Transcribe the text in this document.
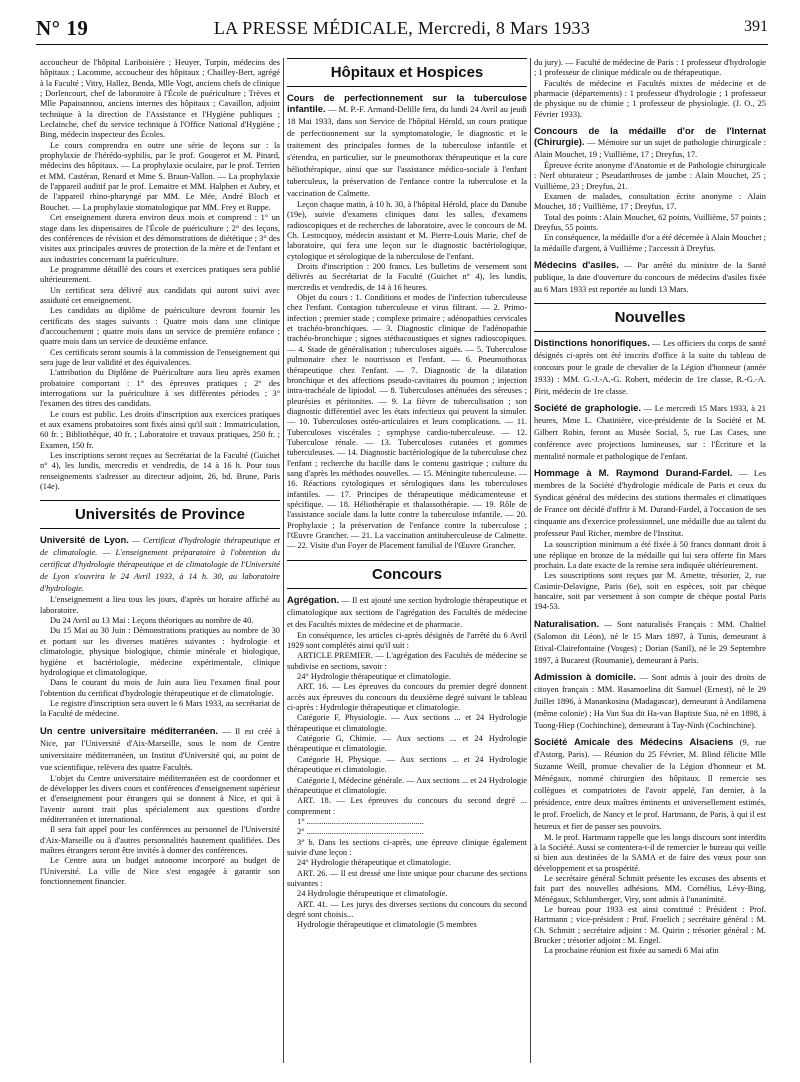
N° 19	LA PRESSE MÉDICALE, Mercredi, 8 Mars 1933	391

accoucheur de l'hôpital Lariboisière ; Heuyer, Turpin, médecins des hôpitaux ; Lacomme, accoucheur des hôpitaux ; Chailley-Bert, agrégé à la Faculté ; Vitry, Hallez, Benda, Mlle Vogt, anciens chefs de clinique ; Dorlencourt, chef de laboratoire à l'École de puériculture ; Trèves et Mlle Papaioannou, anciens internes des hôpitaux ; Cavaillon, adjoint technique à la direction de l'Assistance et l'Hygiène publiques ; Leclainche, chef du service technique à l'Office National d'Hygiène ; Bing, médecin inspecteur des Écoles.

Le cours comprendra en outre une série de leçons sur : la prophylaxie de l'hérédo-syphilis, par le prof. Gougerot et M. Pinard, médecins des hôpitaux. — La prophylaxie oculaire, par le prof. Terrien et MM. Castéran, Renard et Mme S. Braun-Vallon. — La prophylaxie de l'appareil auditif par le prof. Lemaitre et MM. Halphen et Aubry, et de l'appareil rhino-pharyngé par MM. Le Mée, André Bloch et Bouchet. — La prophylaxie stomatologique par MM. Frey et Ruppe.

Cet enseignement durera environ deux mois et comprend : 1° un stage dans les dispensaires de l'École de puériculture ; 2° des leçons, des conférences de révision et des démonstrations de diététique ; 3° des visites aux principales œuvres de protection de la mère et de l'enfant et aux industries concernant la puériculture.

Le programme détaillé des cours et exercices pratiques sera publié ultérieurement.

Un certificat sera délivré aux candidats qui auront suivi avec assiduité cet enseignement.

Les candidats au diplôme de puériculture devront fournir les certificats des stages suivants : Quatre mois dans une clinique d'accouchement ; quatre mois dans un service de première enfance ; quatre mois dans un service de deuxième enfance.

Ces certificats seront soumis à la commission de l'enseignement qui sera juge de leur validité et des équivalences.

L'attribution du Diplôme de Puériculture aura lieu après examen probatoire comportant : 1° des épreuves pratiques ; 2° des interrogations sur la puériculture à ses différentes périodes ; 3° l'examen des titres des candidats.

Le cours est public. Les droits d'inscription aux exercices pratiques et aux examens probatoires sont fixés ainsi qu'il suit : Immatriculation, 60 fr. ; Bibliothèque, 40 fr. ; Laboratoire et travaux pratiques, 250 fr. ; Examen, 150 fr.

Les inscriptions seront reçues au Secrétariat de la Faculté (Guichet n° 4), les lundis, mercredis et vendredis, de 14 à 16 h. Pour tous renseignements s'adresser au directeur adjoint, 26, bd. Brune, Paris (14e).

Universités de Province
Université de Lyon. — Certificat d'hydrologie thérapeutique et de climatologie. — L'enseignement préparatoire à l'obtention du certificat d'hydrologie thérapeutique et de climatologie de l'Université de Lyon s'ouvrira le 24 Avril 1933, à 14 h. 30, au laboratoire d'hydrologie.

L'enseignement a lieu tous les jours, d'après un horaire affiché au laboratoire.

Du 24 Avril au 13 Mai : Leçons théoriques au nombre de 40.

Du 15 Mai au 30 Juin : Démonstrations pratiques au nombre de 30 et portant sur les diverses matières suivantes : hydrologie et climatologie, physique biologique, chimie minérale et biologique, hygiène et bactériologie, médecine expérimentale, clinique hydrologique et climatologique.

Dans le courant du mois de Juin aura lieu l'examen final pour l'obtention du certificat d'hydrologie thérapeutique et de climatologie.

Le registre d'inscription sera ouvert le 6 Mars 1933, au secrétariat de la Faculté de médecine.

Un centre universitaire méditerranéen. — Il est créé à Nice, par l'Université d'Aix-Marseille, sous le nom de Centre universitaire méditerranéen, un Institut d'Université qui, au point de vue scientifique, relèvera des quatre Facultés.

L'objet du Centre universitaire méditerranéen est de coordonner et de développer les divers cours et conférences d'enseignement supérieur et d'enseignement pour étrangers qui se donnent à Nice, et qui à l'avenir auront trait plus spécialement aux questions d'ordre méditerranéen et international.

Il sera fait appel pour les conférences au personnel de l'Université d'Aix-Marseille ou à d'autres personnalités hautement qualifiées. Des maîtres étrangers seront être invités à donner des conférences.

Le Centre aura un budget autonome incorporé au budget de l'Université. La ville de Nice s'est engagée à garantir son fonctionnement financier.

Hôpitaux et Hospices
Cours de perfectionnement sur la tuberculose infantile. — M. P.-F. Armand-Delille fera, du lundi 24 Avril au jeudi 18 Mai 1933, dans son Service de l'hôpital Hérold, un cours pratique de perfectionnement sur la symptomatologie, le diagnostic et le traitement des principales formes de la tuberculose infantile et s'étendra, en particulier, sur le pneumothorax thérapeutique et la cure héliothérapique, ainsi que sur l'assistance médico-sociale à l'enfant tuberculeux, la préservation de l'enfance contre la tuberculose et la vaccination de Calmette.

Leçon chaque matin, à 10 h. 30, à l'hôpital Hérold, place du Danube (19e), suivie d'examens cliniques dans les salles, d'examens radioscopiques et de recherches de laboratoire, avec le concours de M. Ch. Lestocquoy, médecin assistant et M. Pierre-Louis Marie, chef de laboratoire, qui fera une leçon sur le diagnostic bactériologique, cytologique et sérologique de la tuberculose de l'enfant.

Droits d'inscription : 200 francs. Les bulletins de versement sont délivrés au Secrétariat de la Faculté (Guichet n° 4), les lundis, mercredis et vendredis, de 14 à 16 heures.

Objet du cours : 1. Conditions et modes de l'infection tuberculeuse chez l'enfant. Contagion tuberculeuse et virus filtrant. — 2. Primo-infection ; premier stade ; complexe primaire ; adénopathies cervicales et trachéo-bronchiques. — 3. Diagnostic clinique de l'adénopathie trachéo-bronchique ; signes stéthacoustiques et signes radioscopiques. — 4. Stade de généralisation ; tuberculoses aiguës. — 5. Tuberculose pulmonaire chez le nourrisson et l'enfant. — 6. Pneumothorax thérapeutique chez l'enfant. — 7. Diagnostic de la dilatation bronchique et des affections pseudo-cavitaires du poumon ; injection intra-trachéale de lipiodol. — 8. Tuberculoses atténuées des séreuses ; pleurésies et péritonites. — 9. La fièvre de tuberculisation ; son diagnostic différentiel avec les états infectieux qui peuvent la simuler. — 10. Tuberculoses ostéo-articulaires et leurs complications. — 11. Tuberculoses viscérales ; symphyse cardio-tuberculeuse. — 12. Tuberculose rénale. — 13. Tuberculoses cutanées et gommes tuberculeuses. — 14. Diagnostic bactériologique de la tuberculose chez l'enfant ; recherche du bacille dans le contenu gastrique ; culture du sang d'après les méthodes nouvelles. — 15. Méningite tuberculeuse. — 16. Réactions cytologiques et sérologiques dans les tuberculoses infantiles. — 17. Principes de thérapeutique médicamenteuse et spécifique. — 18. Héliothérapie et thalassothérapie. — 19. Rôle de l'assistance sociale dans la lutte contre la tuberculose infantile. — 20. Prophylaxie ; la préservation de l'enfance contre la tuberculose ; l'Œuvre Grancher. — 21. La vaccination antituberculeuse de Calmette. — 22. Visite d'un Foyer de Placement familial de l'Œuvre Grancher.

Concours
Agrégation. — Il est ajouté une section hydrologie thérapeutique et climatologique aux sections de l'agrégation des Facultés de médecine et des Facultés mixtes de médecine et de pharmacie.

En conséquence, les articles ci-après désignés de l'arrêté du 6 Avril 1929 sont complétés ainsi qu'il suit :

ARTICLE PREMIER. — L'agrégation des Facultés de médecine se subdivise en sections, savoir :

24° Hydrologie thérapeutique et climatologie.

ART. 16. — Les épreuves du concours du premier degré donnent accès aux épreuves du concours du deuxième degré suivant le tableau ci-après : Hydrologie thérapeutique et climatologie.

Catégorie F, Physiologie. — Aux sections ... et 24 Hydrologie thérapeutique et climatologie.

Catégorie G, Chimie. — Aux sections ... et 24 Hydrologie thérapeutique et climatologie.

Catégorie H, Physique. — Aux sections ... et 24 Hydrologie thérapeutique et climatologie.

Catégorie I, Médecine générale. — Aux sections ... et 24 Hydrologie thérapeutique et climatologie.

ART. 18. — Les épreuves du concours du second degré ... comprennent :

1° ........................................................

2° ........................................................

3° b. Dans les sections ci-après, une épreuve clinique également suivie d'une leçon :

24° Hydrologie thérapeutique et climatologie.

ART. 26. — Il est dressé une liste unique pour chacune des sections suivantes :

24 Hydrologie thérapeutique et climatologie.

ART. 41. — Les jurys des diverses sections du concours du second degré sont choisis...

Hydrologie thérapeutique et climatologie (5 membres

du jury). — Faculté de médecine de Paris : 1 professeur d'hydrologie ; 1 professeur de clinique médicale ou de thérapeutique.

Facultés de médecine et Facultés mixtes de médecine et de pharmacie (départements) : 1 professeur d'hydrologie ; 1 professeur de physique ou de chimie ; 1 professeur de physiologie. (J. O., 25 Février 1933).

Concours de la médaille d'or de l'Internat (Chirurgie). — Mémoire sur un sujet de pathologie chirurgicale : Alain Mouchet, 19 ; Vuillième, 17 ; Dreyfus, 17.

Épreuve écrite anonyme d'Anatomie et de Pathologie chirurgicale : Nerf obturateur ; Pseudarthroses de jambe : Alain Mouchet, 25 ; Vuillième, 23 ; Dreyfus, 21.

Examen de malades, consultation écrite anonyme : Alain Mouchet, 18 ; Vuillième, 17 ; Dreyfus, 17.

Total des points : Alain Mouchet, 62 points, Vuillième, 57 points ; Dreyfus, 55 points.

En conséquence, la médaille d'or a été décernée à Alain Mouchet ; la médaille d'argent, à Vuillième ; l'accessit à Dreyfus.

Médecins d'asiles. — Par arrêté du ministre de la Santé publique, la date d'ouverture du concours de médecins d'asiles fixée au 6 Mars 1933 est reportée au lundi 13 Mars.
Nouvelles
Distinctions honorifiques. — Les officiers du corps de santé désignés ci-après ont été inscrits d'office à la suite du tableau de concours pour le grade de chevalier de la Légion d'honneur (année 1933) : MM. G.-J.-A.-G. Robert, médecin de 1re classe, R.-G.-A. Pirit, médecin de 1re classe.
Société de graphologie. — Le mercredi 15 Mars 1933, à 21 heures, Mme L. Chatinière, vice-présidente de la Société et M. Gilbert Robin, feront au Musée Social, 5, rue Las Cases, une conférence avec projections lumineuses, sur : l'Écriture et la mentalité normale et pathologique de l'enfant.
Hommage à M. Raymond Durand-Fardel. — Les membres de la Société d'hydrologie médicale de Paris et ceux du Syndicat général des médecins des stations thermales et climatiques de France ont décidé d'offrir à M. Durand-Fardel, à l'occasion de ses cinquante ans d'exercice professionnel, une médaille due au talent du professeur Paul Richer, membre de l'Institut.

La souscription minimum a été fixée à 50 francs donnant droit à une réplique en bronze de la médaille qui lui sera offerte fin Mars prochain. La date exacte de la remise sera indiquée ultérieurement.

Les souscriptions sont reçues par M. Arnette, trésorier, 2, rue Casimir-Delavigne, Paris (6e), soit en espèces, soit par chèque bancaire, soit par versement à son compte de chèque postal Paris 194-53.

Naturalisation. — Sont naturalisés Français : MM. Chaltiel (Salomon dit Léon), né le 15 Mars 1897, à Tunis, demeurant à Etival-Clairefontaine (Vosges) ; Dorian (Sanil), né le 29 Septembre 1897, à Bucarest (Roumanie), demeurant à Paris.
Admission à domicile. — Sont admis à jouir des droits de citoyen français : MM. Rasamoelina dit Samuel (Ernest), né le 29 Juillet 1896, à Manankosina (Madagascar), demeurant à Andilamena (même colonie) ; Ha Van Sua dit Ha-van Baptiste Sua, né en 1898, à Tuong-Hiep (Cochinchine), demeurant à Tay-Ninh (Cochinchine).
Société Amicale des Médecins Alsaciens (9, rue d'Astorg, Paris). — Réunion du 25 Février, M. Blind félicite Mlle Suzanne Weill, promue chevalier de la Légion d'honneur et M. Ménégaux, nommé chirurgien des hôpitaux. Il remercie ses collègues et compatriotes de l'avoir appelé, l'an dernier, à la présidence, entre deux maîtres éminents et universellement estimés, le prof. Froelich, de Nancy et le prof. Hartmann, de Paris, à qui il est heureux et fier de passer ses pouvoirs.

M. le prof. Hartmann rappelle que les longs discours sont interdits à la Société. Aussi se contentera-t-il de remercier le bureau qui veille si bien aux destinées de la SAMA et de faire des vœux pour son développement et sa prospérité.

Le secrétaire général Schmitt présente les excuses des absents et fait part des nouvelles adhésions. MM. Cornélius, Lévy-Bing, Ménégaux, Schlumberger, Viry, sont admis à l'unanimité.

Le bureau pour 1933 est ainsi constitué : Président : Prof. Hartmann ; vice-président : Prof. Froelich ; secrétaire général : M. Ch. Schmitt ; secrétaire adjoint : M. Quirin ; trésorier général : M. Brucker ; trésorier adjoint : M. Engel.

La prochaine réunion est fixée au samedi 6 Mai afin
